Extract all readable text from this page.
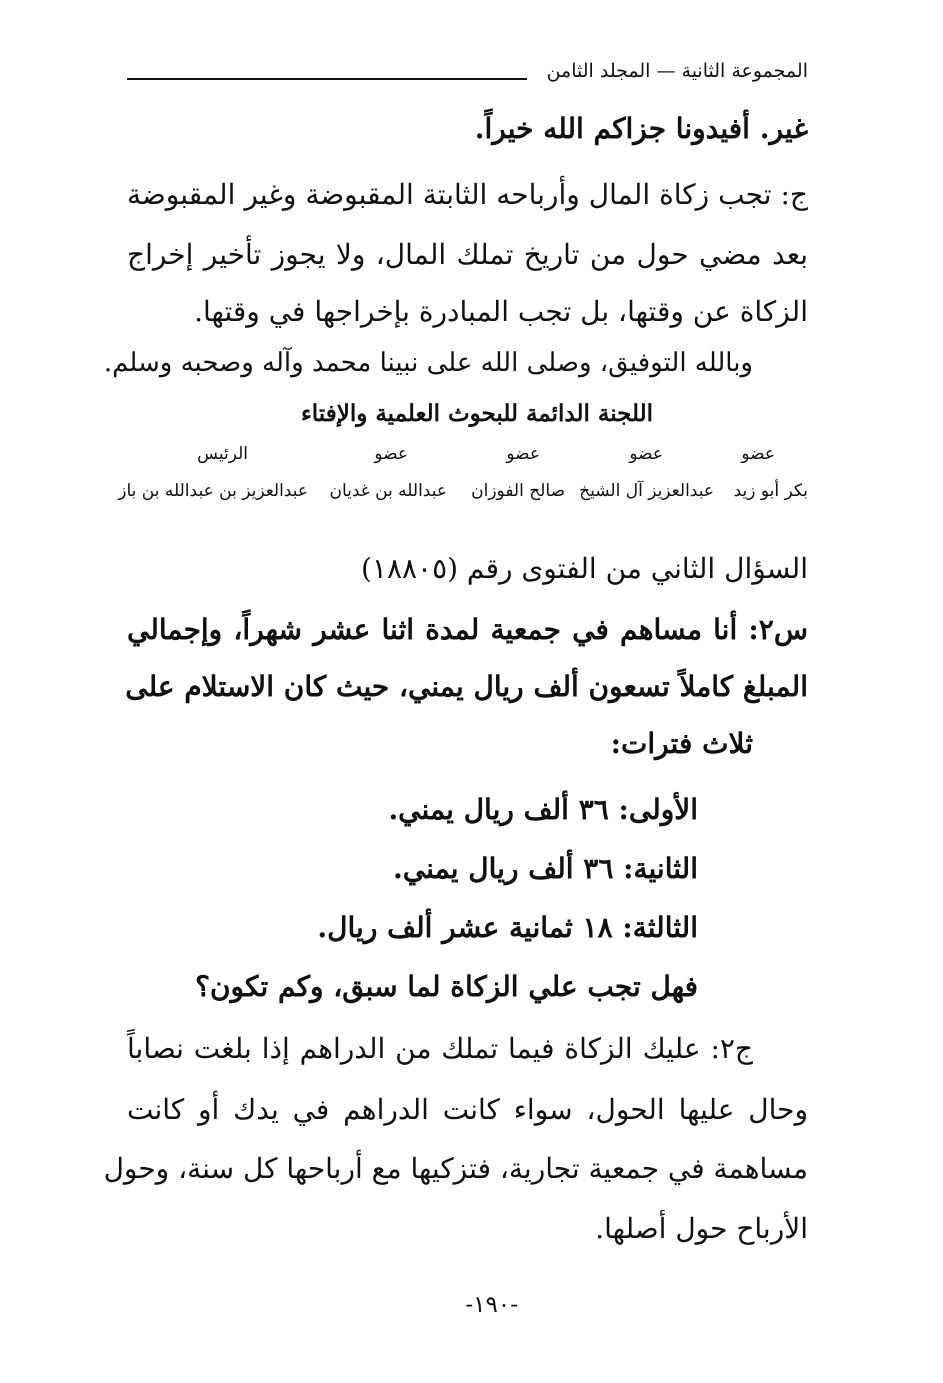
المجموعة الثانية — المجلد الثامن
غير. أفيدونا جزاكم الله خيراً.
ج: تجب زكاة المال وأرباحه الثابتة المقبوضة وغير المقبوضة
بعد مضي حول من تاريخ تملك المال، ولا يجوز تأخير إخراج
الزكاة عن وقتها، بل تجب المبادرة بإخراجها في وقتها.
وبالله التوفيق، وصلى الله على نبينا محمد وآله وصحبه وسلم.
اللجنة الدائمة للبحوث العلمية والإفتاء
عضو
عضو
عضو
عضو
الرئيس
بكر أبو زيد
عبدالعزيز آل الشيخ
صالح الفوزان
عبدالله بن غديان
عبدالعزيز بن عبدالله بن باز
السؤال الثاني من الفتوى رقم (١٨٨٠٥)
س٢: أنا مساهم في جمعية لمدة اثنا عشر شهراً، وإجمالي
المبلغ كاملاً تسعون ألف ريال يمني، حيث كان الاستلام على
ثلاث فترات:
الأولى: ٣٦ ألف ريال يمني.
الثانية: ٣٦ ألف ريال يمني.
الثالثة: ١٨ ثمانية عشر ألف ريال.
فهل تجب علي الزكاة لما سبق، وكم تكون؟
ج٢: عليك الزكاة فيما تملك من الدراهم إذا بلغت نصاباً
وحال عليها الحول، سواء كانت الدراهم في يدك أو كانت
مساهمة في جمعية تجارية، فتزكيها مع أرباحها كل سنة، وحول
الأرباح حول أصلها.
-١٩٠-
